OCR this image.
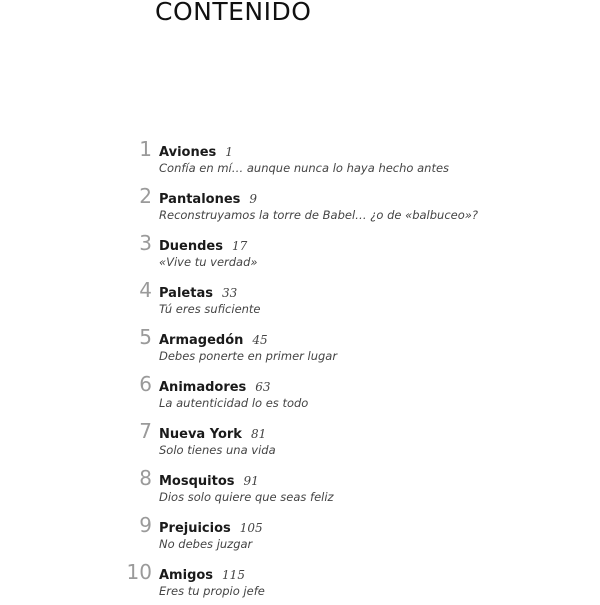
CONTENIDO
1 Aviones 1
Confía en mí… aunque nunca lo haya hecho antes
2 Pantalones 9
Reconstruyamos la torre de Babel… ¿o de «balbuceo»?
3 Duendes 17
«Vive tu verdad»
4 Paletas 33
Tú eres suficiente
5 Armagedón 45
Debes ponerte en primer lugar
6 Animadores 63
La autenticidad lo es todo
7 Nueva York 81
Solo tienes una vida
8 Mosquitos 91
Dios solo quiere que seas feliz
9 Prejuicios 105
No debes juzgar
10 Amigos 115
Eres tu propio jefe
